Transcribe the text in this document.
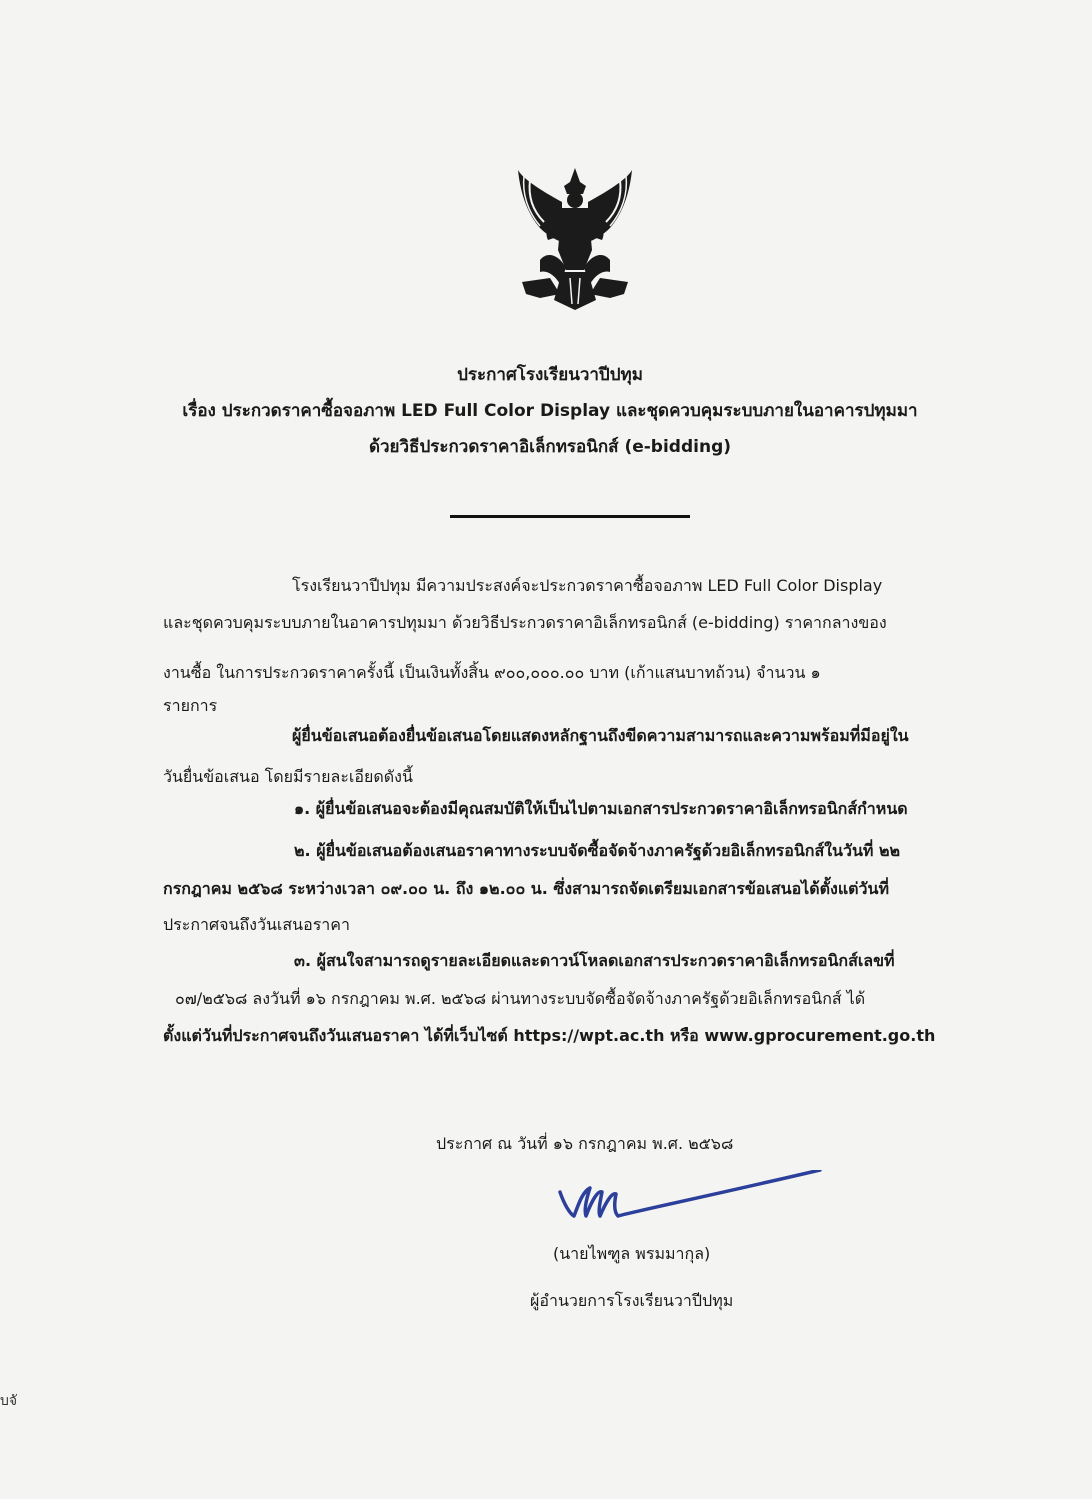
ประกาศโรงเรียนวาปีปทุม
เรื่อง ประกวดราคาซื้อจอภาพ LED Full Color Display และชุดควบคุมระบบภายในอาคารปทุมมา
ด้วยวิธีประกวดราคาอิเล็กทรอนิกส์ (e-bidding)
โรงเรียนวาปีปทุม มีความประสงค์จะประกวดราคาซื้อจอภาพ LED Full Color Display
และชุดควบคุมระบบภายในอาคารปทุมมา ด้วยวิธีประกวดราคาอิเล็กทรอนิกส์ (e-bidding) ราคากลางของ
งานซื้อ ในการประกวดราคาครั้งนี้ เป็นเงินทั้งสิ้น ๙๐๐,๐๐๐.๐๐ บาท (เก้าแสนบาทถ้วน) จำนวน ๑
รายการ
ผู้ยื่นข้อเสนอต้องยื่นข้อเสนอโดยแสดงหลักฐานถึงขีดความสามารถและความพร้อมที่มีอยู่ใน
วันยื่นข้อเสนอ โดยมีรายละเอียดดังนี้
๑. ผู้ยื่นข้อเสนอจะต้องมีคุณสมบัติให้เป็นไปตามเอกสารประกวดราคาอิเล็กทรอนิกส์กำหนด
๒. ผู้ยื่นข้อเสนอต้องเสนอราคาทางระบบจัดซื้อจัดจ้างภาครัฐด้วยอิเล็กทรอนิกส์ในวันที่ ๒๒
กรกฎาคม ๒๕๖๘ ระหว่างเวลา ๐๙.๐๐ น. ถึง ๑๒.๐๐ น. ซึ่งสามารถจัดเตรียมเอกสารข้อเสนอได้ตั้งแต่วันที่
ประกาศจนถึงวันเสนอราคา
๓. ผู้สนใจสามารถดูรายละเอียดและดาวน์โหลดเอกสารประกวดราคาอิเล็กทรอนิกส์เลขที่
๐๗/๒๕๖๘ ลงวันที่ ๑๖ กรกฎาคม พ.ศ. ๒๕๖๘ ผ่านทางระบบจัดซื้อจัดจ้างภาครัฐด้วยอิเล็กทรอนิกส์ ได้
ตั้งแต่วันที่ประกาศจนถึงวันเสนอราคา ได้ที่เว็บไซต์ https://wpt.ac.th หรือ www.gprocurement.go.th
ประกาศ ณ วันที่ ๑๖ กรกฎาคม พ.ศ. ๒๕๖๘
(นายไพฑูล พรมมากุล)
ผู้อำนวยการโรงเรียนวาปีปทุม
บจั
